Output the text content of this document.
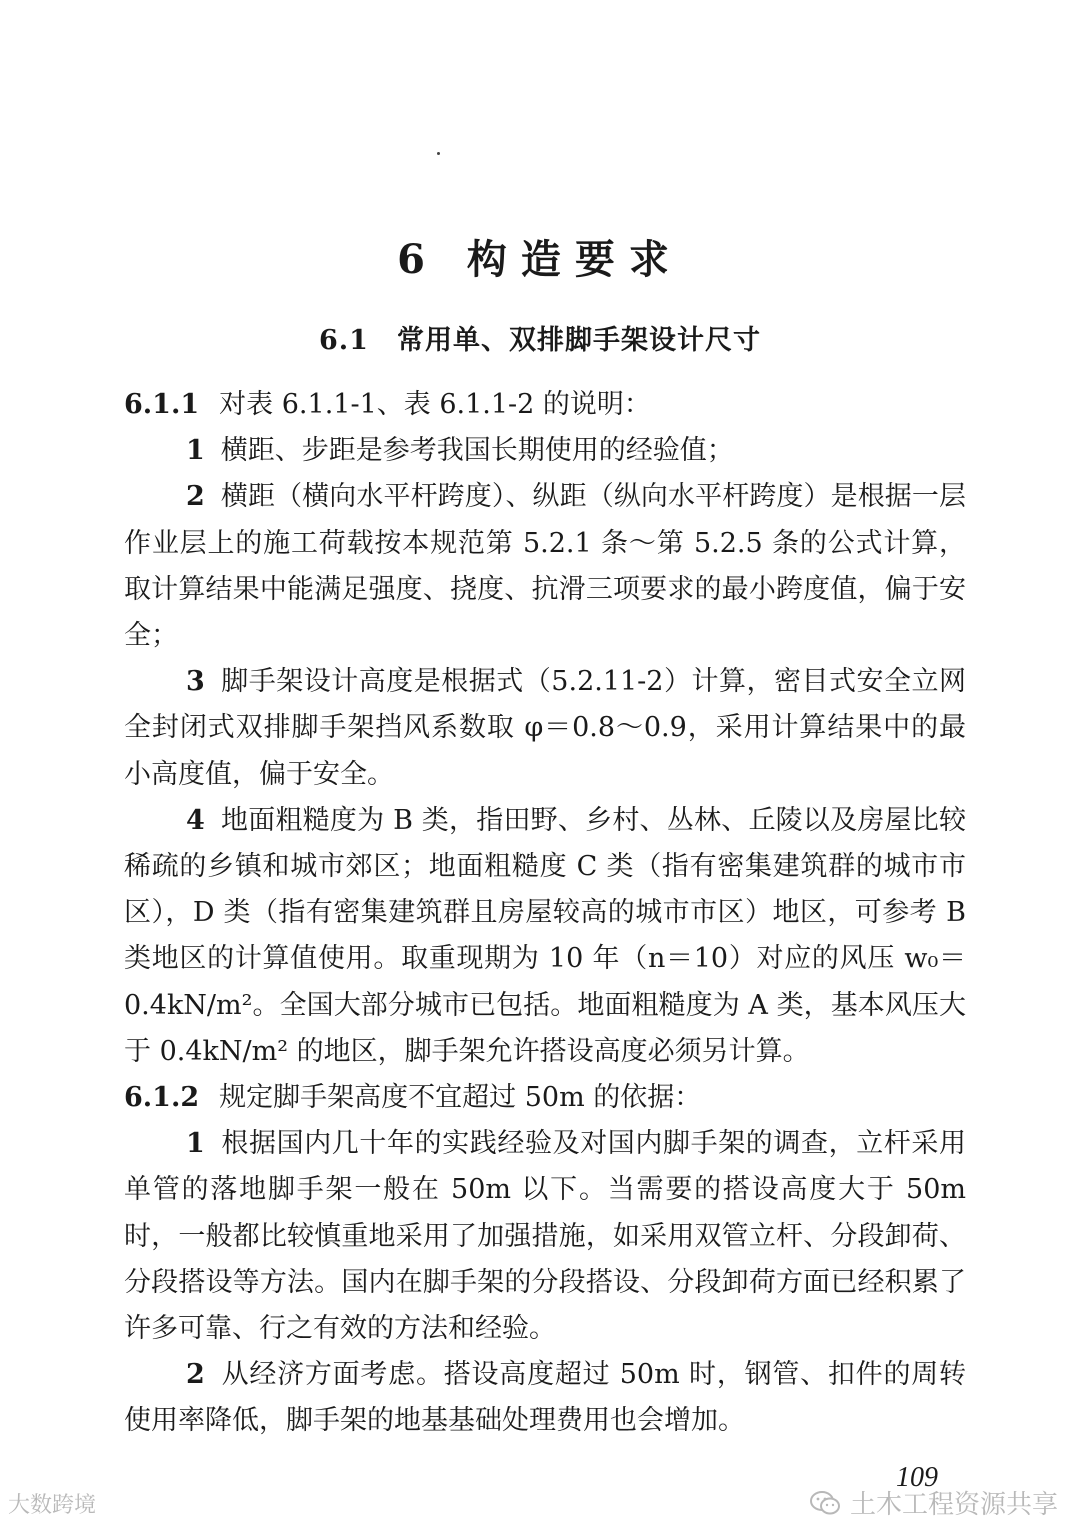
6 构造要求
6.1 常用单、双排脚手架设计尺寸

6.1.1 对表 6.1.1-1、表 6.1.1-2 的说明：

1 横距、步距是参考我国长期使用的经验值；

2 横距（横向水平杆跨度）、纵距（纵向水平杆跨度）是根据一层作业层上的施工荷载按本规范第 5.2.1 条～第 5.2.5 条的公式计算，取计算结果中能满足强度、挠度、抗滑三项要求的最小跨度值，偏于安全；

3 脚手架设计高度是根据式（5.2.11-2）计算，密目式安全立网全封闭式双排脚手架挡风系数取 φ＝0.8～0.9，采用计算结果中的最小高度值，偏于安全。

4 地面粗糙度为 B 类，指田野、乡村、丛林、丘陵以及房屋比较稀疏的乡镇和城市郊区；地面粗糙度 C 类（指有密集建筑群的城市市区），D 类（指有密集建筑群且房屋较高的城市市区）地区，可参考 B 类地区的计算值使用。取重现期为 10 年（n＝10）对应的风压 w₀＝0.4kN/m²。全国大部分城市已包括。地面粗糙度为 A 类，基本风压大于 0.4kN/m² 的地区，脚手架允许搭设高度必须另计算。

6.1.2 规定脚手架高度不宜超过 50m 的依据：

1 根据国内几十年的实践经验及对国内脚手架的调查，立杆采用单管的落地脚手架一般在 50m 以下。当需要的搭设高度大于 50m 时，一般都比较慎重地采用了加强措施，如采用双管立杆、分段卸荷、分段搭设等方法。国内在脚手架的分段搭设、分段卸荷方面已经积累了许多可靠、行之有效的方法和经验。

2 从经济方面考虑。搭设高度超过 50m 时，钢管、扣件的周转使用率降低，脚手架的地基基础处理费用也会增加。

109
大数跨境	土木工程资源共享
